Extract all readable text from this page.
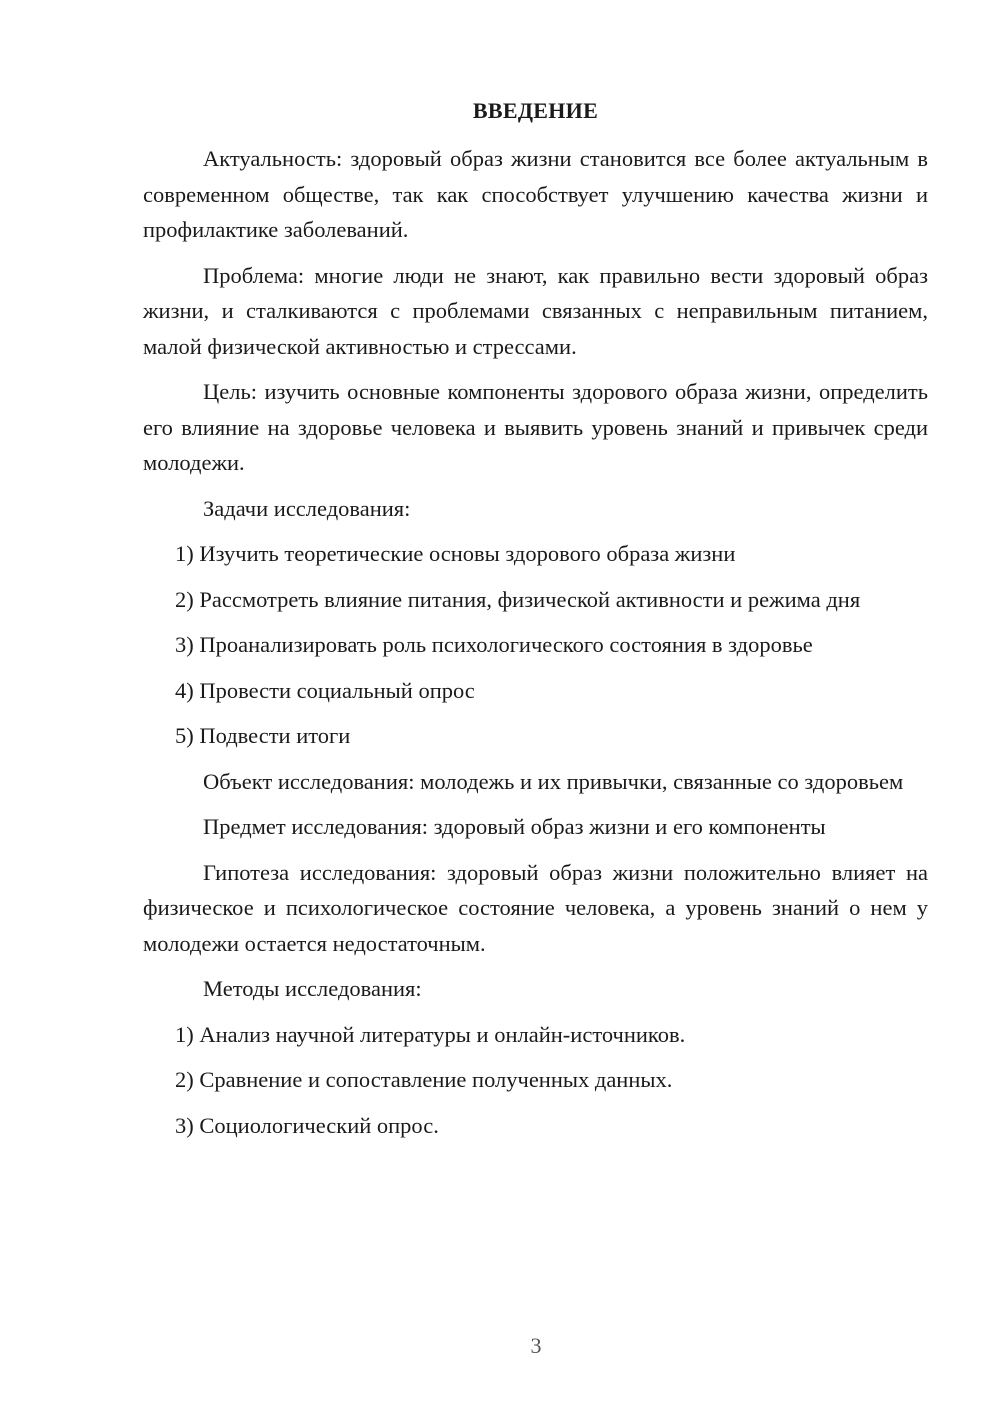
ВВЕДЕНИЕ

Актуальность: здоровый образ жизни становится все более актуальным в современном обществе, так как способствует улучшению качества жизни и профилактике заболеваний.

Проблема: многие люди не знают, как правильно вести здоровый образ жизни, и сталкиваются с проблемами связанных с неправильным питанием, малой физической активностью и стрессами.

Цель: изучить основные компоненты здорового образа жизни, определить его влияние на здоровье человека и выявить уровень знаний и привычек среди молодежи.

Задачи исследования:

1) Изучить теоретические основы здорового образа жизни
2) Рассмотреть влияние питания, физической активности и режима дня
3) Проанализировать роль психологического состояния в здоровье
4) Провести социальный опрос
5) Подвести итоги

Объект исследования: молодежь и их привычки, связанные со здоровьем

Предмет исследования: здоровый образ жизни и его компоненты

Гипотеза исследования: здоровый образ жизни положительно влияет на физическое и психологическое состояние человека, а уровень знаний о нем у молодежи остается недостаточным.

Методы исследования:

1) Анализ научной литературы и онлайн-источников.
2) Сравнение и сопоставление полученных данных.
3) Социологический опрос.
3
